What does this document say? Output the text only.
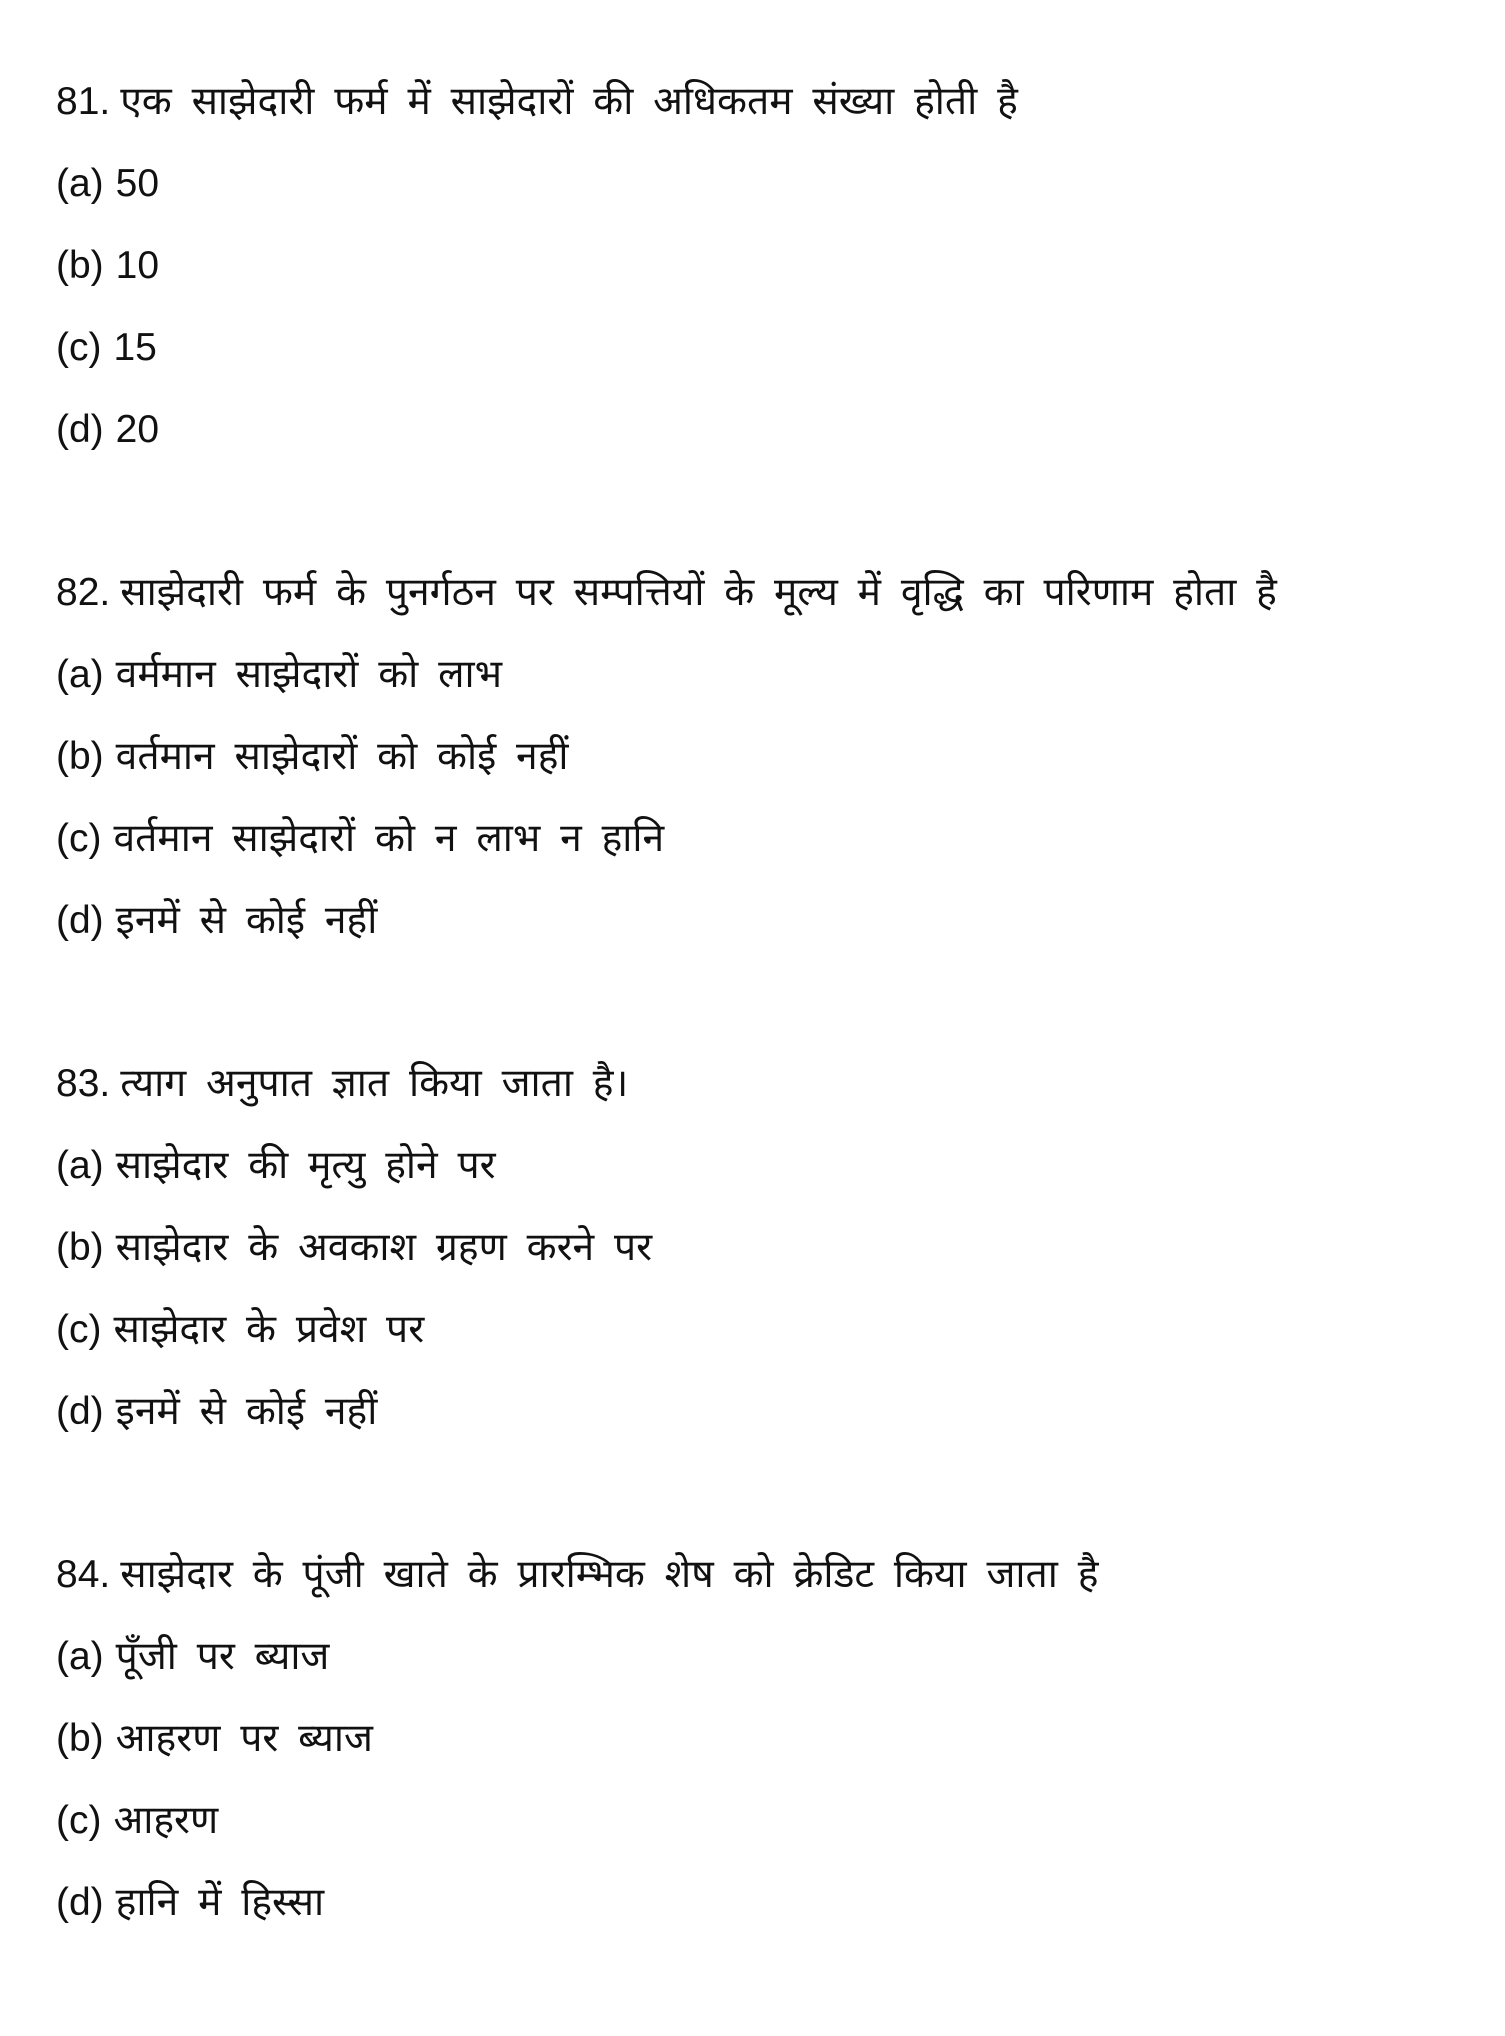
81. एक साझेदारी फर्म में साझेदारों की अधिकतम संख्या होती है
(a) 50
(b) 10
(c) 15
(d) 20
82. साझेदारी फर्म के पुनर्गठन पर सम्पत्तियों के मूल्य में वृद्धि का परिणाम होता है
(a) वर्ममान साझेदारों को लाभ
(b) वर्तमान साझेदारों को कोई नहीं
(c) वर्तमान साझेदारों को न लाभ न हानि
(d) इनमें से कोई नहीं
83. त्याग अनुपात ज्ञात किया जाता है।
(a) साझेदार की मृत्यु होने पर
(b) साझेदार के अवकाश ग्रहण करने पर
(c) साझेदार के प्रवेश पर
(d) इनमें से कोई नहीं
84. साझेदार के पूंजी खाते के प्रारम्भिक शेष को क्रेडिट किया जाता है
(a) पूँजी पर ब्याज
(b) आहरण पर ब्याज
(c) आहरण
(d) हानि में हिस्सा
